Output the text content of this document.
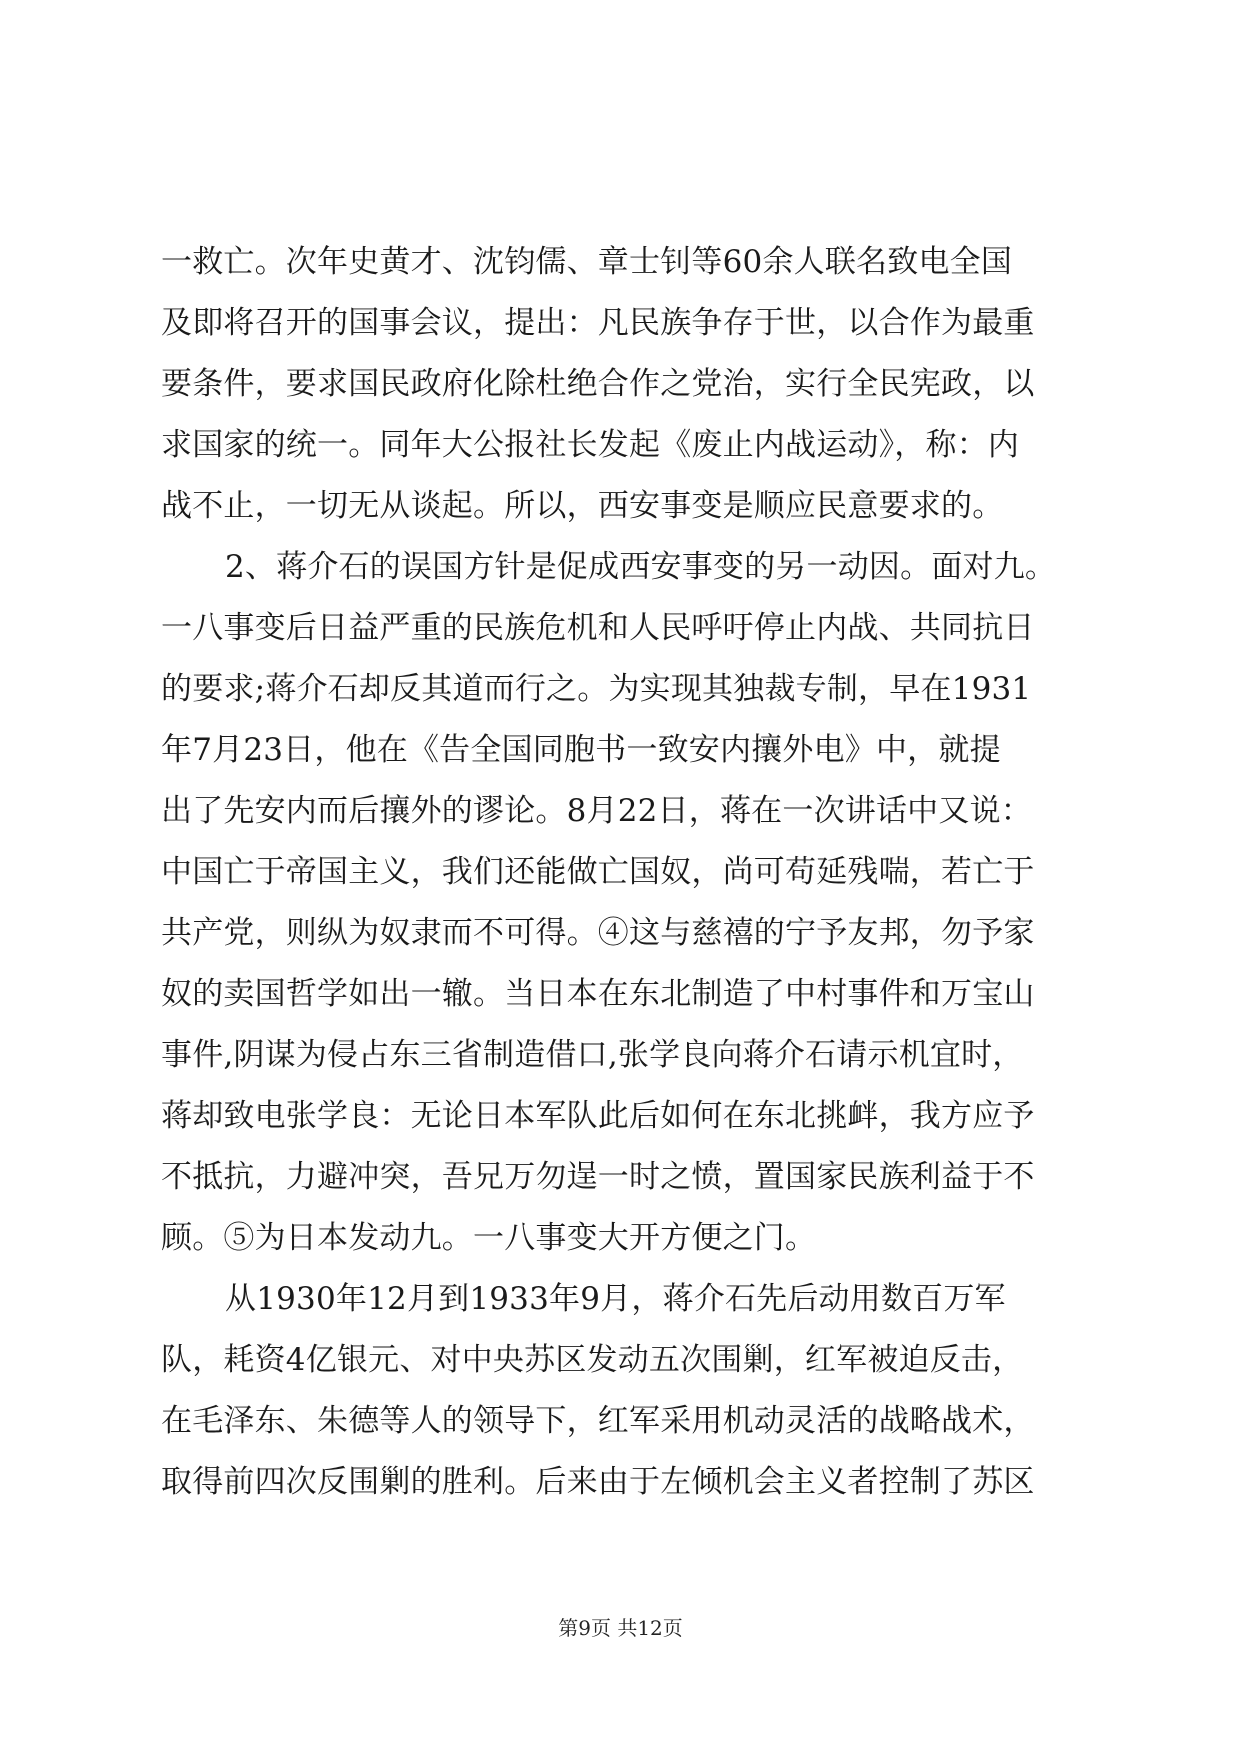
一救亡。次年史黄才、沈钧儒、章士钊等60余人联名致电全国
及即将召开的国事会议，提出：凡民族争存于世，以合作为最重
要条件，要求国民政府化除杜绝合作之党治，实行全民宪政，以
求国家的统一。同年大公报社长发起《废止内战运动》，称：内
战不止，一切无从谈起。所以，西安事变是顺应民意要求的。
2、蒋介石的误国方针是促成西安事变的另一动因。面对九。
一八事变后日益严重的民族危机和人民呼吁停止内战、共同抗日
的要求;蒋介石却反其道而行之。为实现其独裁专制，早在1931
年7月23日，他在《告全国同胞书一致安内攘外电》中，就提
出了先安内而后攘外的谬论。8月22日，蒋在一次讲话中又说：
中国亡于帝国主义，我们还能做亡国奴，尚可苟延残喘，若亡于
共产党，则纵为奴隶而不可得。④这与慈禧的宁予友邦，勿予家
奴的卖国哲学如出一辙。当日本在东北制造了中村事件和万宝山
事件,阴谋为侵占东三省制造借口,张学良向蒋介石请示机宜时，
蒋却致电张学良：无论日本军队此后如何在东北挑衅，我方应予
不抵抗，力避冲突，吾兄万勿逞一时之愤，置国家民族利益于不
顾。⑤为日本发动九。一八事变大开方便之门。
从1930年12月到1933年9月，蒋介石先后动用数百万军
队，耗资4亿银元、对中央苏区发动五次围剿，红军被迫反击，
在毛泽东、朱德等人的领导下，红军采用机动灵活的战略战术，
取得前四次反围剿的胜利。后来由于左倾机会主义者控制了苏区
第9页 共12页
